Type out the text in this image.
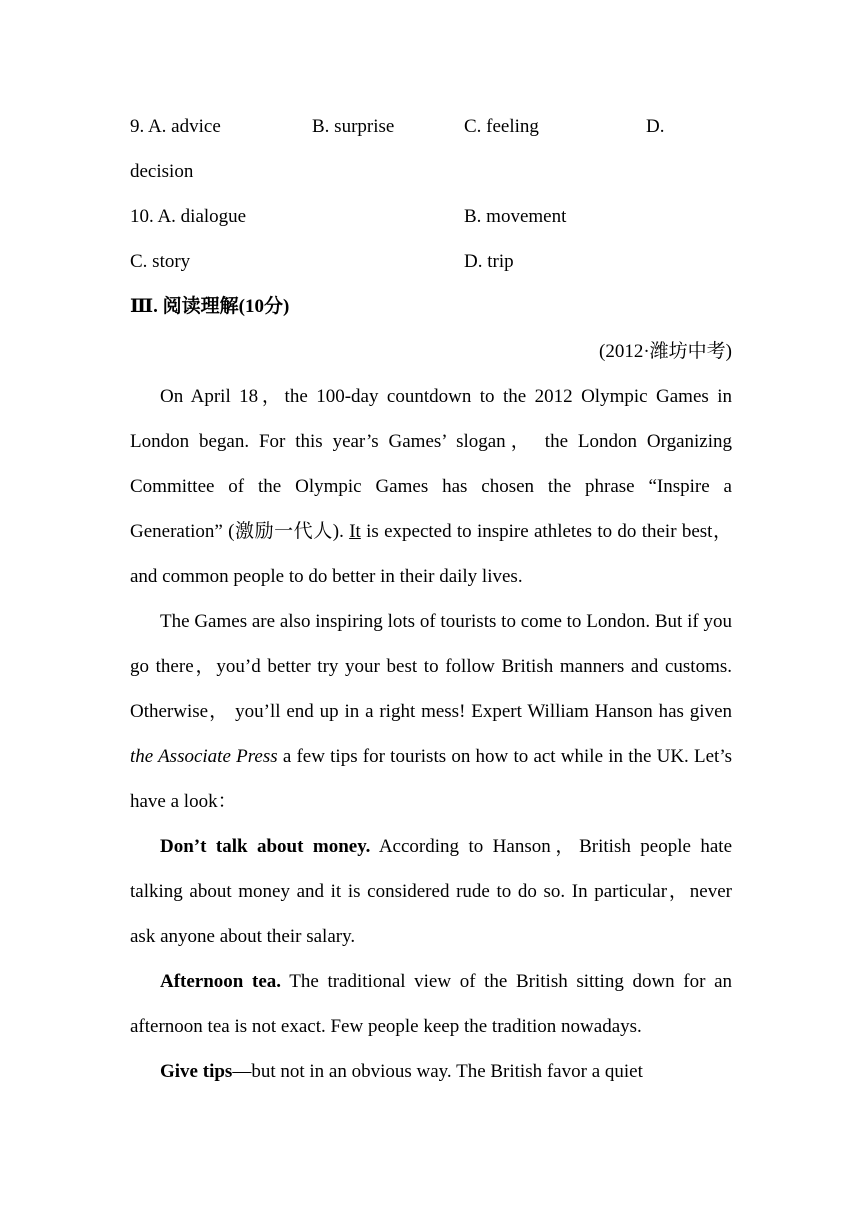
9. A. advice	B. surprise	C. feeling	D.
decision
10. A. dialogue	B. movement
C. story	D. trip
Ⅲ. 阅读理解(10分)
(2012·潍坊中考)

On April 18，the 100-day countdown to the 2012 Olympic Games in London began. For this year’s Games’ slogan， the London Organizing Committee of the Olympic Games has chosen the phrase “Inspire a Generation” (激励一代人). It is expected to inspire athletes to do their best，and common people to do better in their daily lives.

The Games are also inspiring lots of tourists to come to London. But if you go there，you’d better try your best to follow British manners and customs. Otherwise， you’ll end up in a right mess! Expert William Hanson has given the Associate Press a few tips for tourists on how to act while in the UK. Let’s have a look：

Don’t talk about money. According to Hanson，British people hate talking about money and it is considered rude to do so. In particular，never ask anyone about their salary.

Afternoon tea. The traditional view of the British sitting down for an afternoon tea is not exact. Few people keep the tradition nowadays.

Give tips—but not in an obvious way. The British favor a quiet
